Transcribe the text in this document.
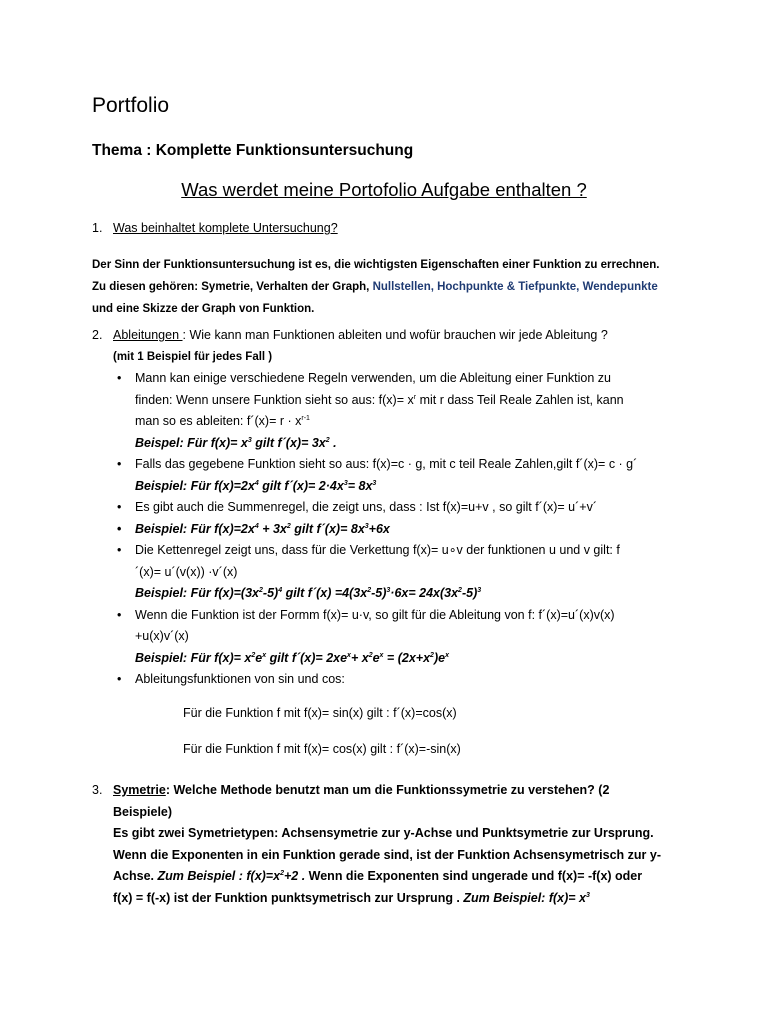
Portfolio
Thema : Komplette Funktionsuntersuchung
Was werdet meine Portofolio Aufgabe enthalten ?
1. Was beinhaltet komplete Untersuchung?
Der Sinn der Funktionsuntersuchung ist es, die wichtigsten Eigenschaften einer Funktion zu errechnen.
Zu diesen gehören: Symetrie, Verhalten der Graph, Nullstellen, Hochpunkte & Tiefpunkte, Wendepunkte
und eine Skizze der Graph von Funktion.
2. Ableitungen : Wie kann man Funktionen ableiten und wofür brauchen wir jede Ableitung ?
(mit 1 Beispiel für jedes Fall )
• Mann kan einige verschiedene Regeln verwenden, um die Ableitung einer Funktion zu
finden: Wenn unsere Funktion sieht so aus: $f(x)= x^r$ mit r dass Teil Reale Zahlen ist, kann
man so es ableiten: f´(x)= $r \cdot x^{r-1}$
Beispel: Für $f(x)= x^3$ gilt f´(x)= $3x^2$ .
• Falls das gegebene Funktion sieht so aus: f(x)=c · g, mit c teil Reale Zahlen,gilt f´(x)= c · g´
Beispiel: Für $f(x)=2x^4$ gilt f´(x)= $2\cdot 4x^3= 8x^3$
• Es gibt auch die Summenregel, die zeigt uns, dass : Ist f(x)=u+v , so gilt f´(x)= u´+v´
• Beispiel: Für $f(x)=2x^4 + 3x^2$ gilt f´(x)= $8x^3+6x$
• Die Kettenregel zeigt uns, dass für die Verkettung f(x)= u∘v der funktionen u und v gilt: f
´(x)= u´(v(x)) ·v´(x)
Beispiel: Für $f(x)=(3x^2-5)^4$ gilt f´(x) $=4(3x^2-5)^3\cdot 6x= 24x(3x^2-5)^3$
• Wenn die Funktion ist der Formm f(x)= u·v, so gilt für die Ableitung von f: f´(x)=u´(x)v(x)
+u(x)v´(x)
Beispiel: Für $f(x)= x^2e^x$ gilt f´(x)= $2xe^x+ x^2e^x = (2x+x^2)e^x$
• Ableitungsfunktionen von sin und cos:
Für die Funktion f mit f(x)= sin(x) gilt : f´(x)=cos(x)
Für die Funktion f mit f(x)= cos(x) gilt : f´(x)=-sin(x)
3. Symetrie: Welche Methode benutzt man um die Funktionssymetrie zu verstehen? (2
Beispiele)
Es gibt zwei Symetrietypen: Achsensymetrie zur y-Achse und Punktsymetrie zur Ursprung.
Wenn die Exponenten in ein Funktion gerade sind, ist der Funktion Achsensymetrisch zur y-
Achse. Zum Beispiel : $f(x)=x^2+2$ . Wenn die Exponenten sind ungerade und f(x)= -f(x) oder
f(x) = f(-x) ist der Funktion punktsymetrisch zur Ursprung . Zum Beispiel: $f(x)= x^3$
